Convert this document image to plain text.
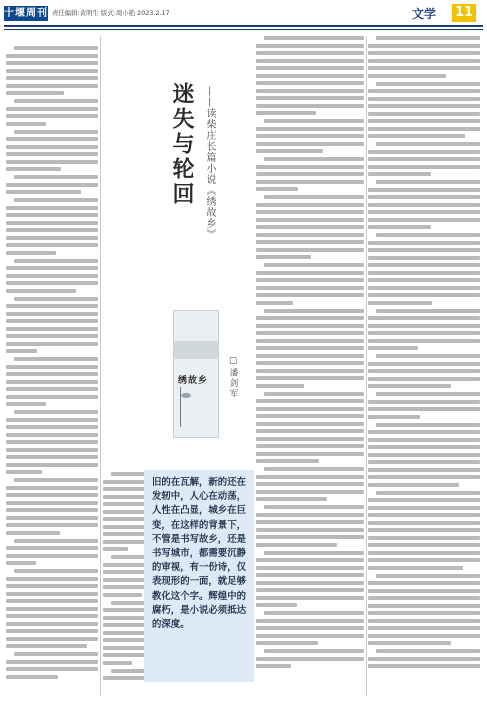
十堰周刊 责任编辑:黄明生 版式:周小艳 2023.2.17	文学 11
迷失与轮回	——读柴庄长篇小说《绣故乡》
□潘剑军
绣故乡

旧的在瓦解，新的还在发轫中，人心在动荡，人性在凸显，城乡在巨变，在这样的背景下，不管是书写故乡，还是书写城市，都需要沉静的审视，有一份诗，仅表现形的一面，就足够教化这个字。辉煌中的腐朽，是小说必须抵达的深度。
